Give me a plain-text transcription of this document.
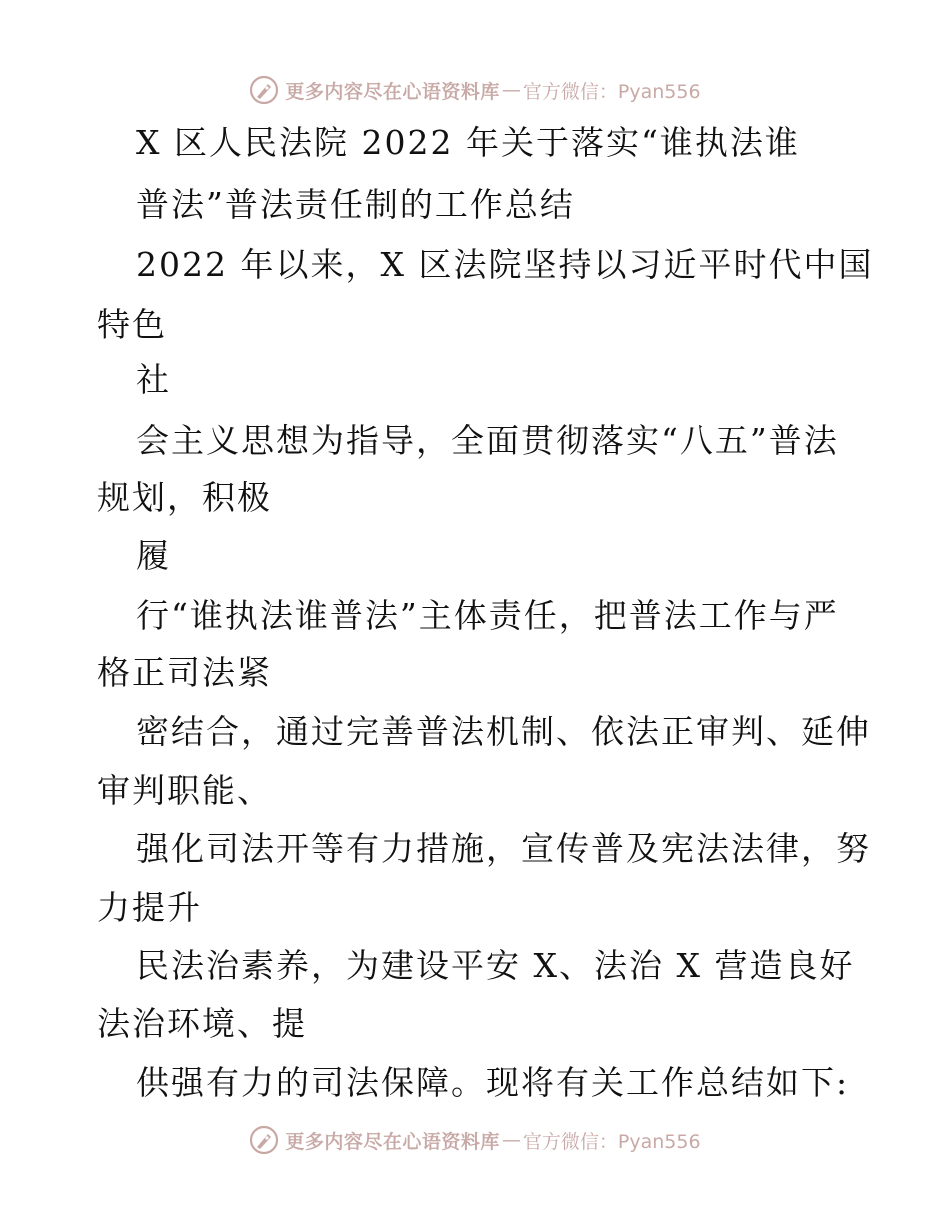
更多内容尽在心语资料库 — 官方微信：Pyan556
X 区人民法院 2022 年关于落实“谁执法谁
普法”普法责任制的工作总结
2022 年以来，X 区法院坚持以习近平时代中国
特色
社
会主义思想为指导，全面贯彻落实“八五”普法
规划，积极
履
行“谁执法谁普法”主体责任，把普法工作与严
格正司法紧
密结合，通过完善普法机制、依法正审判、延伸
审判职能、
强化司法开等有力措施，宣传普及宪法法律，努
力提升
民法治素养，为建设平安 X、法治 X 营造良好
法治环境、提
供强有力的司法保障。现将有关工作总结如下:
更多内容尽在心语资料库 — 官方微信：Pyan556
